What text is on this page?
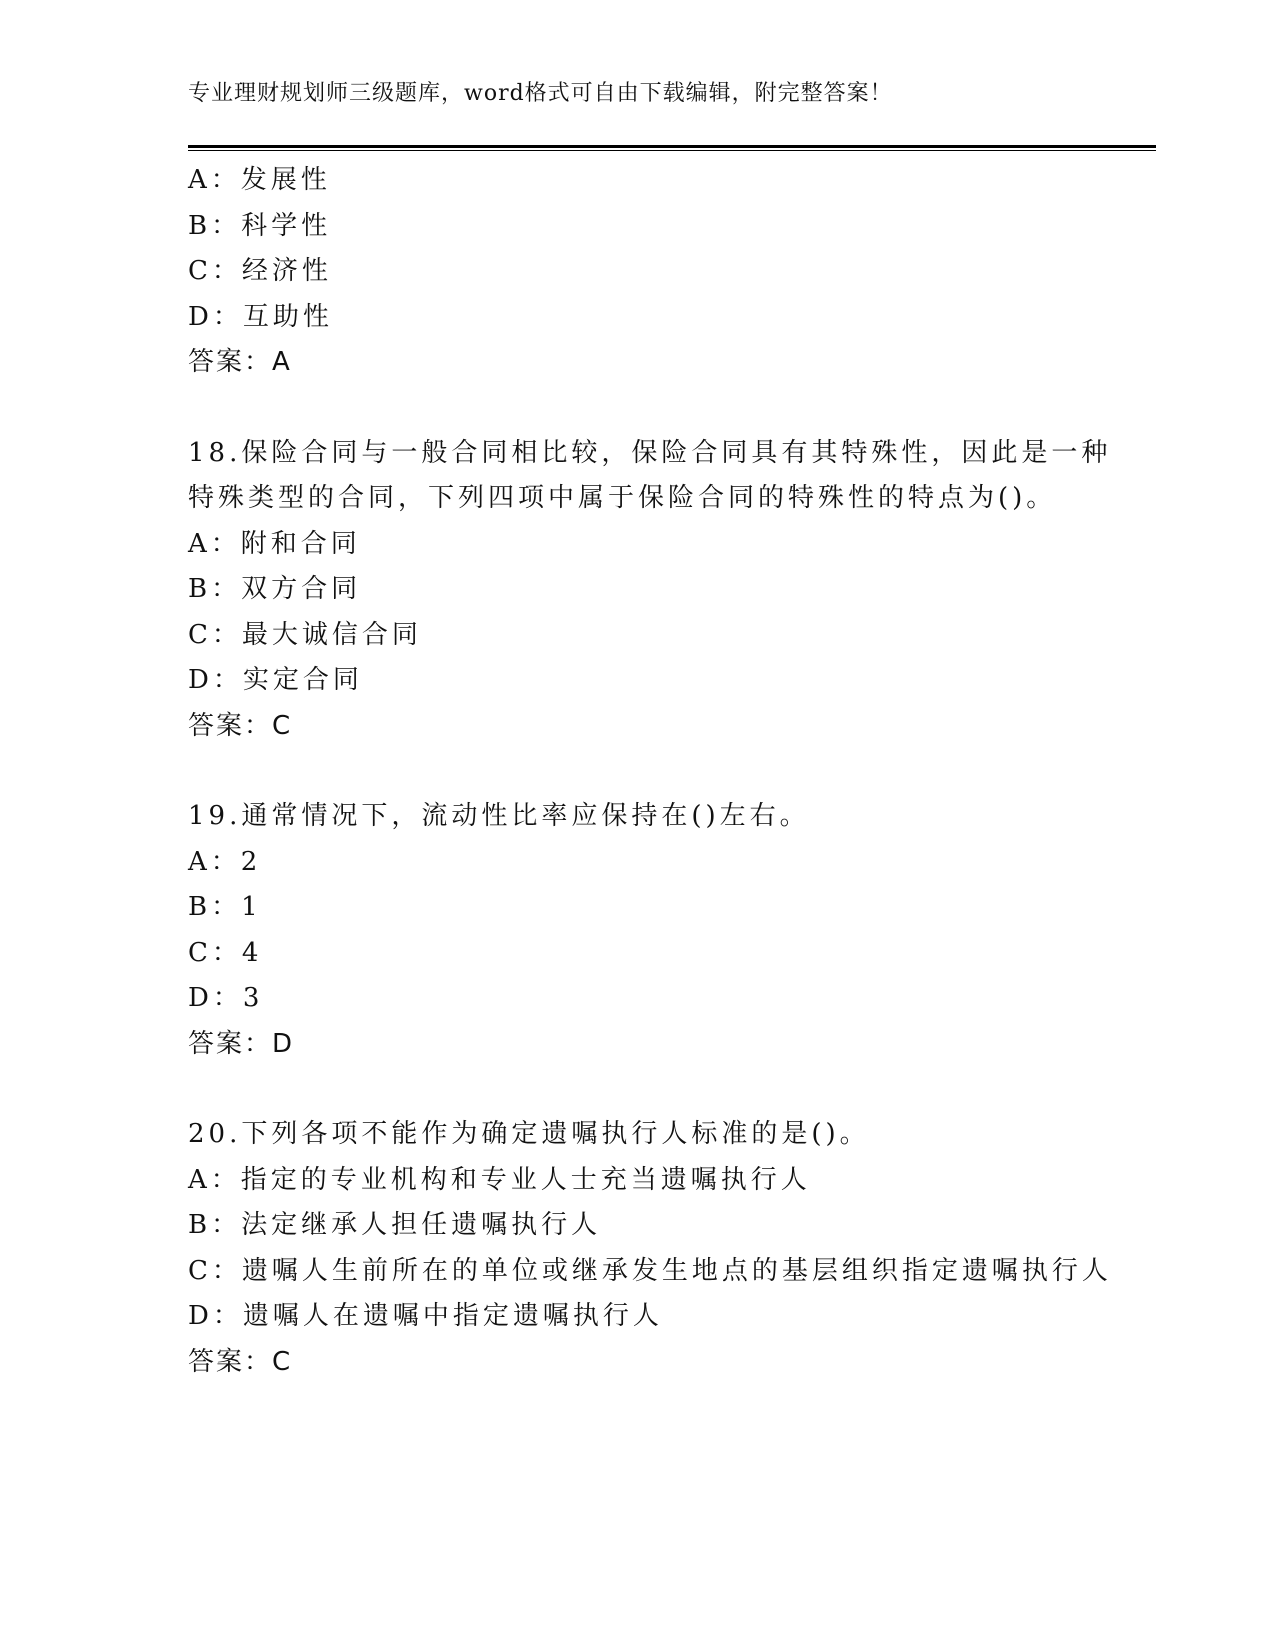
专业理财规划师三级题库，word格式可自由下载编辑，附完整答案！
A：发展性
B：科学性
C：经济性
D：互助性
答案：A
18.保险合同与一般合同相比较，保险合同具有其特殊性，因此是一种
特殊类型的合同，下列四项中属于保险合同的特殊性的特点为()。
A：附和合同
B：双方合同
C：最大诚信合同
D：实定合同
答案：C
19.通常情况下，流动性比率应保持在()左右。
A：2
B：1
C：4
D：3
答案：D
20.下列各项不能作为确定遗嘱执行人标准的是()。
A：指定的专业机构和专业人士充当遗嘱执行人
B：法定继承人担任遗嘱执行人
C：遗嘱人生前所在的单位或继承发生地点的基层组织指定遗嘱执行人
D：遗嘱人在遗嘱中指定遗嘱执行人
答案：C
